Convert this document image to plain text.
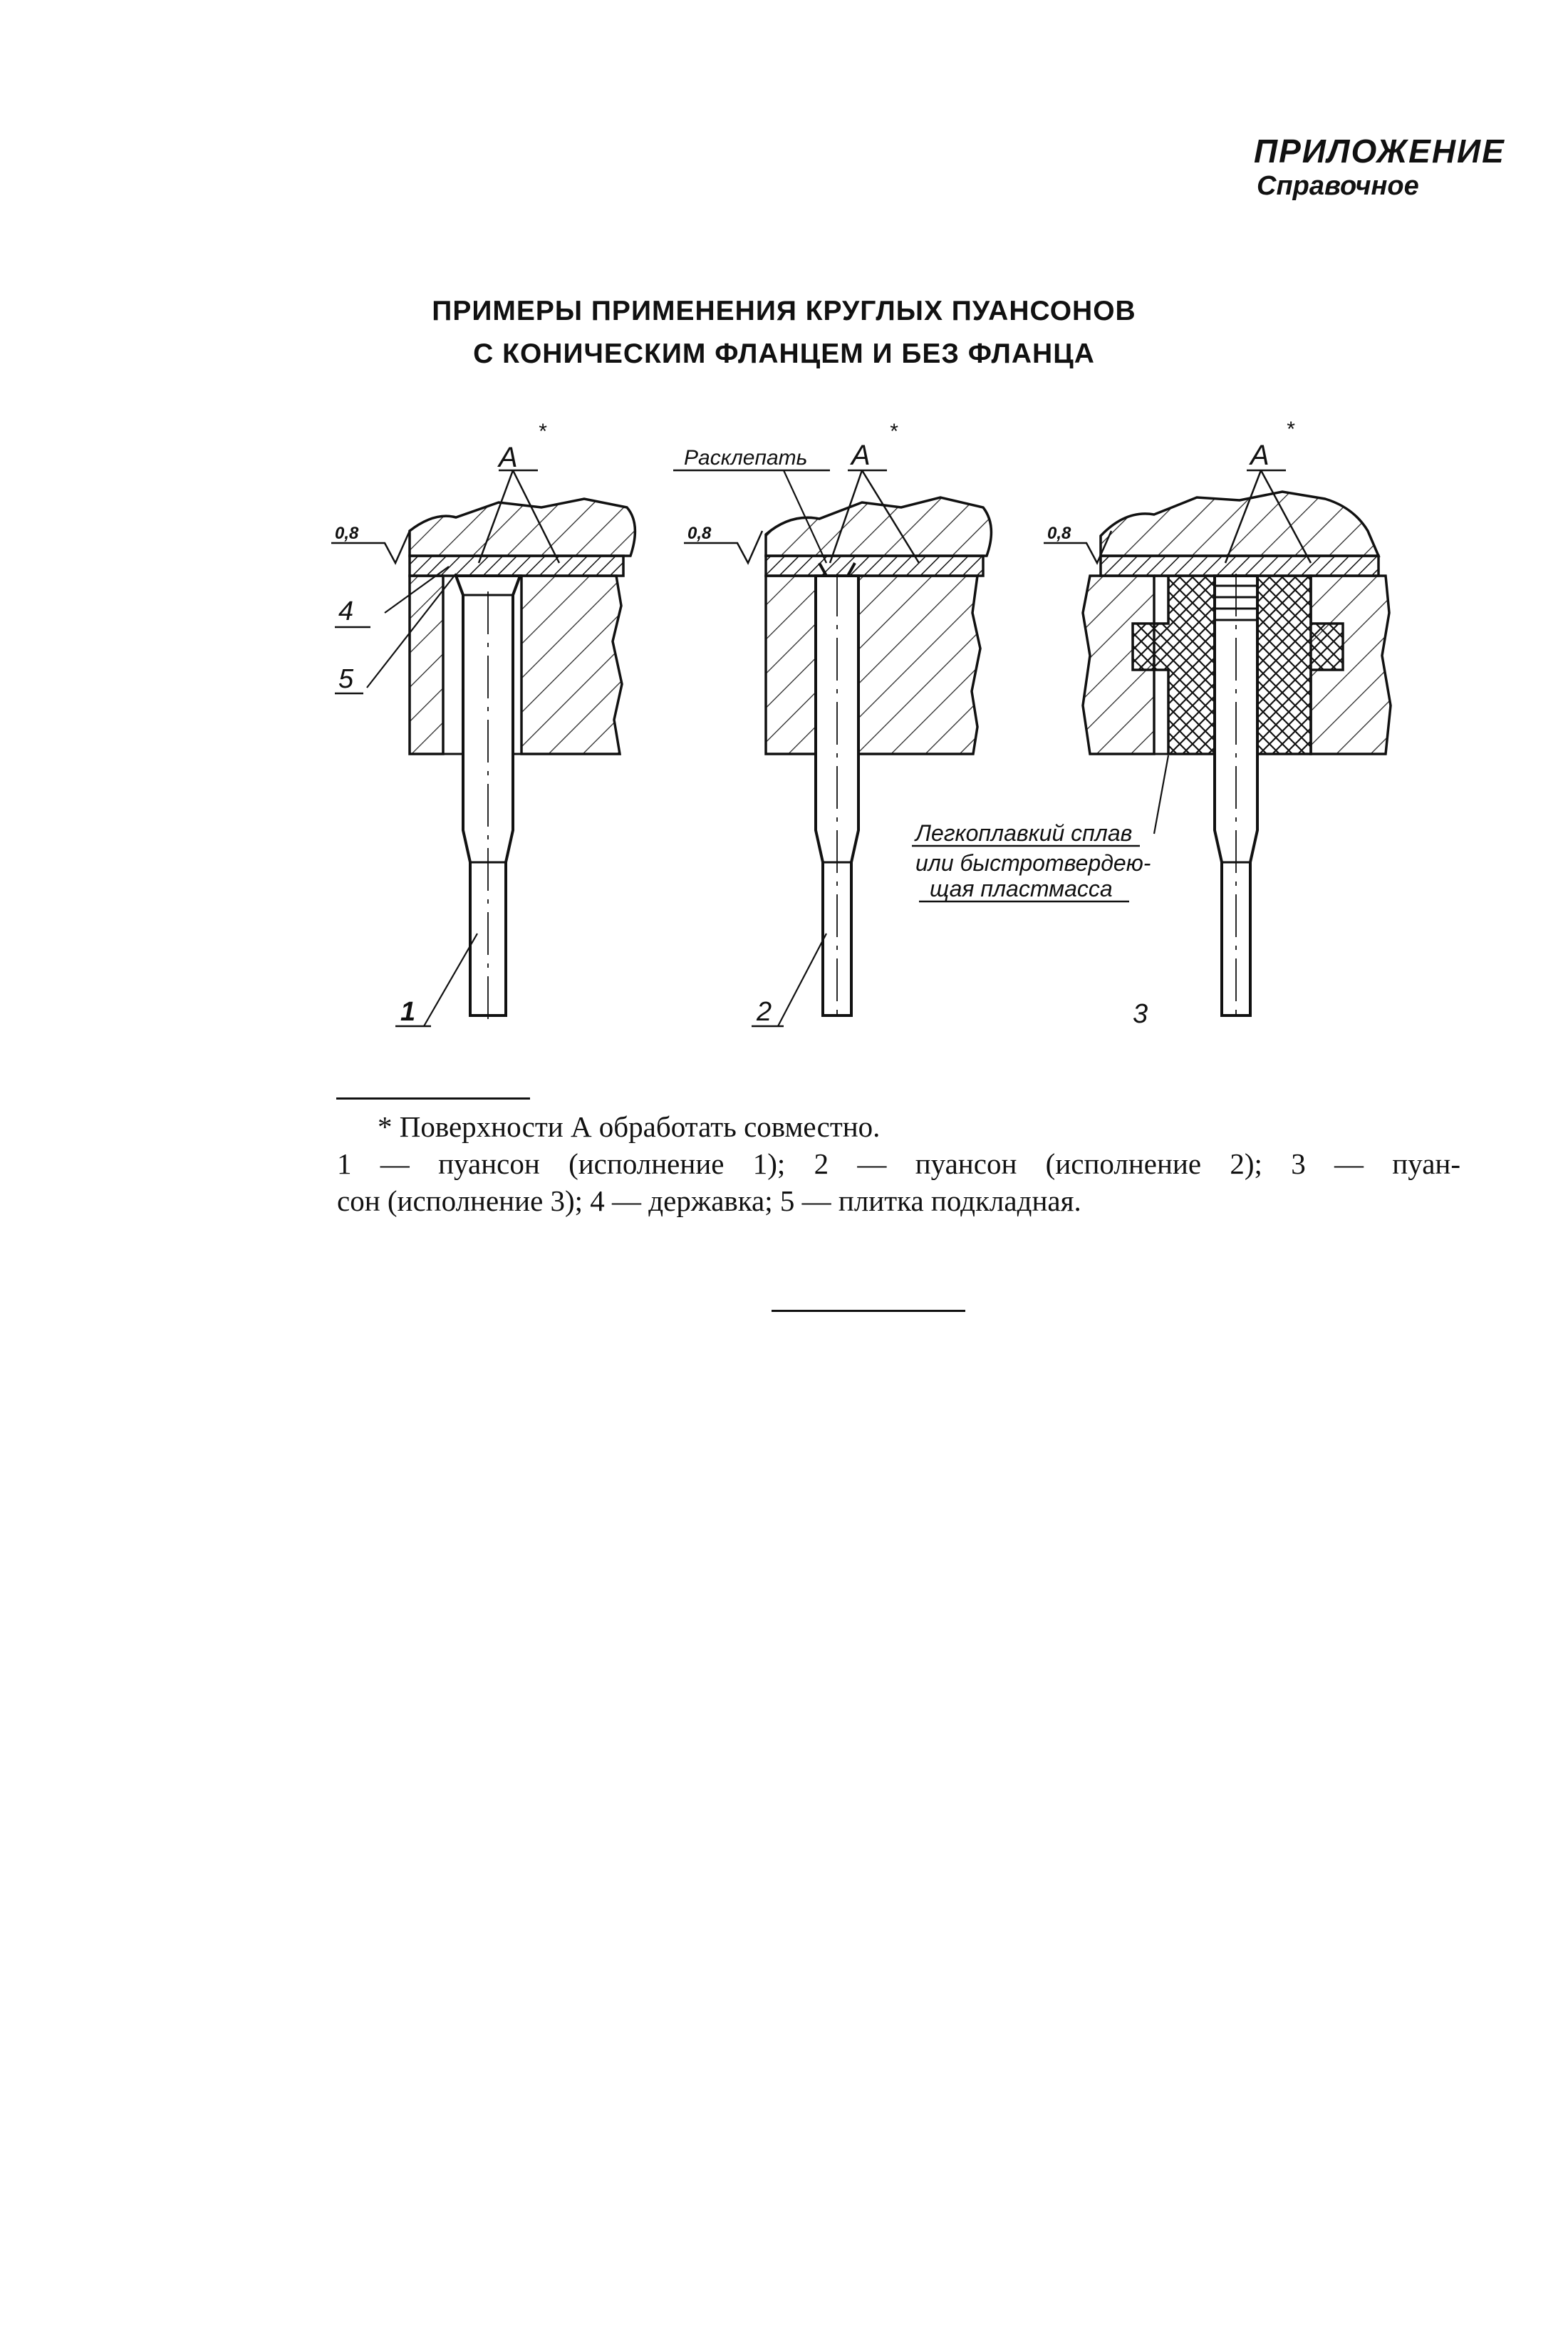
ПРИЛОЖЕНИЕ
Справочное
ПРИМЕРЫ ПРИМЕНЕНИЯ КРУГЛЫХ ПУАНСОНОВ
С КОНИЧЕСКИМ ФЛАНЦЕМ И БЕЗ ФЛАНЦА
A
*
0,8
4
5
1
Расклепать A
*
0,8
Легкоплавкий сплав
или быстротвердею-
щая пластмасса
2
A
*
0,8
3

* Поверхности А обработать совместно.

1 — пуансон (исполнение 1); 2 — пуансон (исполнение 2); 3 — пуан-

сон (исполнение 3); 4 — державка; 5 — плитка подкладная.
